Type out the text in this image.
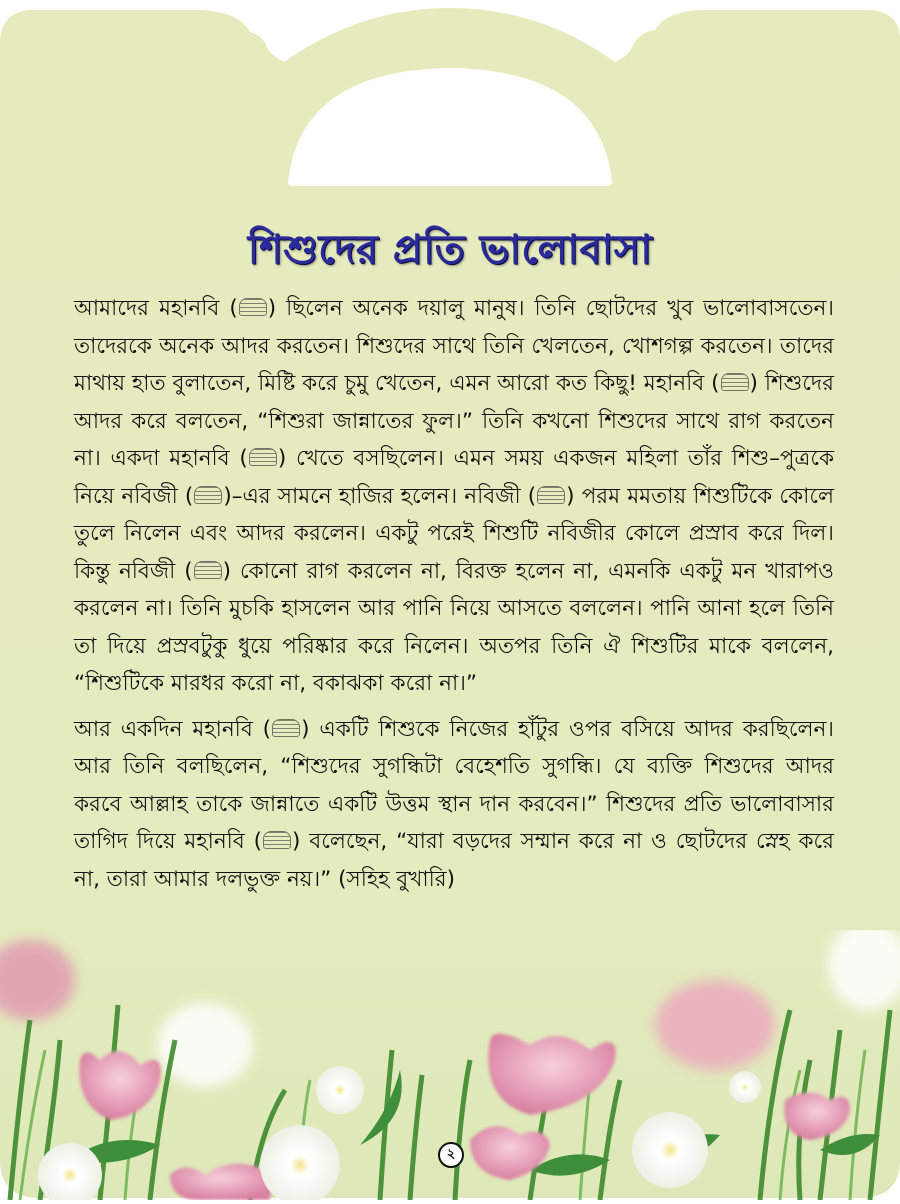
শিশুদের প্রতি ভালোবাসা

আমাদের মহানবি ( ) ছিলেন অনেক দয়ালু মানুষ। তিনি ছোটদের খুব ভালোবাসতেন। তাদেরকে অনেক আদর করতেন। শিশুদের সাথে তিনি খেলতেন, খোশগল্প করতেন। তাদের মাথায় হাত বুলাতেন, মিষ্টি করে চুমু খেতেন, এমন আরো কত কিছু! মহানবি ( ) শিশুদের আদর করে বলতেন, “শিশুরা জান্নাতের ফুল।” তিনি কখনো শিশুদের সাথে রাগ করতেন না। একদা মহানবি ( ) খেতে বসছিলেন। এমন সময় একজন মহিলা তাঁর শিশু–পুত্রকে নিয়ে নবিজী ( )–এর সামনে হাজির হলেন। নবিজী ( ) পরম মমতায় শিশুটিকে কোলে তুলে নিলেন এবং আদর করলেন। একটু পরেই শিশুটি নবিজীর কোলে প্রস্রাব করে দিল। কিন্তু নবিজী ( ) কোনো রাগ করলেন না, বিরক্ত হলেন না, এমনকি একটু মন খারাপও করলেন না। তিনি মুচকি হাসলেন আর পানি নিয়ে আসতে বললেন। পানি আনা হলে তিনি তা দিয়ে প্রস্রবটুকু ধুয়ে পরিষ্কার করে নিলেন। অতপর তিনি ঐ শিশুটির মাকে বললেন, “শিশুটিকে মারধর করো না, বকাঝকা করো না।”

আর একদিন মহানবি ( ) একটি শিশুকে নিজের হাঁটুর ওপর বসিয়ে আদর করছিলেন। আর তিনি বলছিলেন, “শিশুদের সুগন্ধিটা বেহেশতি সুগন্ধি। যে ব্যক্তি শিশুদের আদর করবে আল্লাহ তাকে জান্নাতে একটি উত্তম স্থান দান করবেন।” শিশুদের প্রতি ভালোবাসার তাগিদ দিয়ে মহানবি ( ) বলেছেন, “যারা বড়দের সম্মান করে না ও ছোটদের স্নেহ করে না, তারা আমার দলভুক্ত নয়।” (সহিহ বুখারি)

২
